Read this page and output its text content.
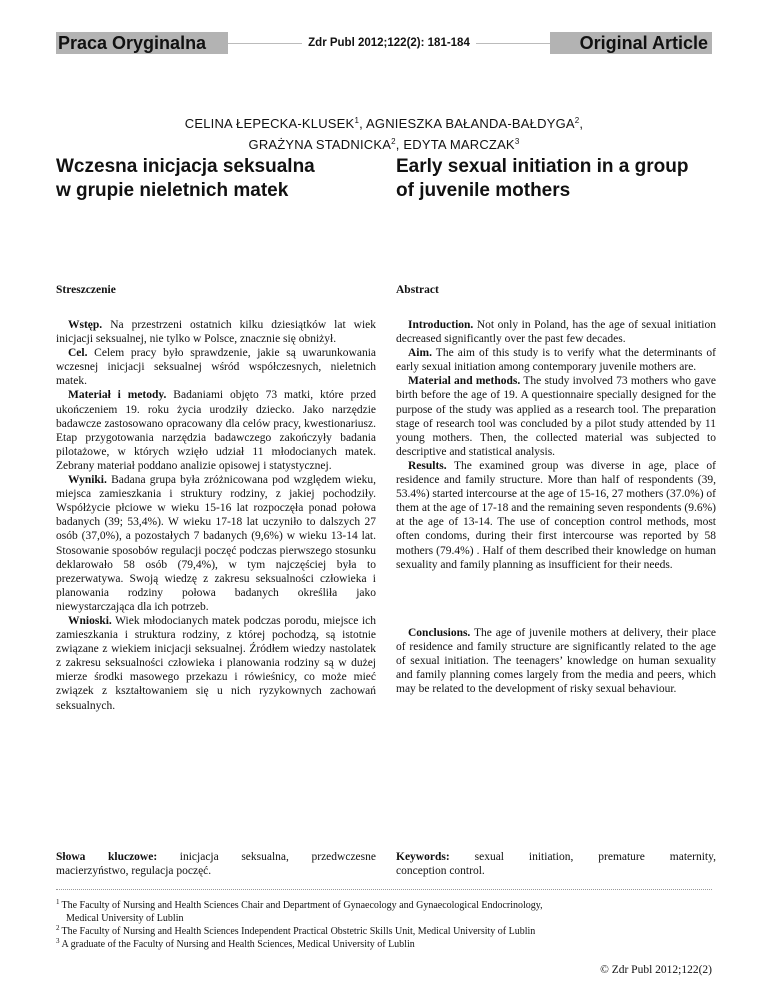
Praca Oryginalna	Zdr Publ 2012;122(2): 181-184	Original Article
CELINA ŁEPECKA-KLUSEK$^1$, AGNIESZKA BAŁANDA-BAŁDYGA$^2$,
GRAŻYNA STADNICKA$^2$, EDYTA MARCZAK$^3$
Wczesna inicjacja seksualna
w grupie nieletnich matek
Early sexual initiation in a group
of juvenile mothers
Streszczenie	Abstract

Wstęp. Na przestrzeni ostatnich kilku dziesiątków lat wiek inicjacji seksualnej, nie tylko w Polsce, znacznie się obniżył.

Cel. Celem pracy było sprawdzenie, jakie są uwarunkowania wczesnej inicjacji seksualnej wśród współczesnych, nieletnich matek.

Materiał i metody. Badaniami objęto 73 matki, które przed ukończeniem 19. roku życia urodziły dziecko. Jako narzędzie badawcze zastosowano opracowany dla celów pracy, kwestionariusz. Etap przygotowania narzędzia badawczego zakończyły badania pilotażowe, w których wzięło udział 11 młodocianych matek. Zebrany materiał poddano analizie opisowej i statystycznej.

Wyniki. Badana grupa była zróżnicowana pod względem wieku, miejsca zamieszkania i struktury rodziny, z jakiej pochodziły. Współżycie płciowe w wieku 15-16 lat rozpoczęła ponad połowa badanych (39; 53,4%). W wieku 17-18 lat uczyniło to dalszych 27 osób (37,0%), a pozostałych 7 badanych (9,6%) w wieku 13-14 lat. Stosowanie sposobów regulacji poczęć podczas pierwszego stosunku deklarowało 58 osób (79,4%), w tym najczęściej była to prezerwatywa. Swoją wiedzę z zakresu seksualności człowieka i planowania rodziny połowa badanych określiła jako niewystarczająca dla ich potrzeb.

Wnioski. Wiek młodocianych matek podczas porodu, miejsce ich zamieszkania i struktura rodziny, z której pochodzą, są istotnie związane z wiekiem inicjacji seksualnej. Źródłem wiedzy nastolatek z zakresu seksualności człowieka i planowania rodziny są w dużej mierze środki masowego przekazu i rówieśnicy, co może mieć związek z kształtowaniem się u nich ryzykownych zachowań seksualnych.

Introduction. Not only in Poland, has the age of sexual initiation decreased significantly over the past few decades.

Aim. The aim of this study is to verify what the determinants of early sexual initiation among contemporary juvenile mothers are.

Material and methods. The study involved 73 mothers who gave birth before the age of 19. A questionnaire specially designed for the purpose of the study was applied as a research tool. The preparation stage of research tool was concluded by a pilot study attended by 11 young mothers. Then, the collected material was subjected to descriptive and statistical analysis.

Results. The examined group was diverse in age, place of residence and family structure. More than half of respondents (39, 53.4%) started intercourse at the age of 15-16, 27 mothers (37.0%) of them at the age of 17-18 and the remaining seven respondents (9.6%) at the age of 13-14. The use of conception control methods, most often condoms, during their first intercourse was reported by 58 mothers (79.4%) . Half of them described their knowledge on human sexuality and family planning as insufficient for their needs.

Conclusions. The age of juvenile mothers at delivery, their place of residence and family structure are significantly related to the age of sexual initiation. The teenagers’ knowledge on human sexuality and family planning comes largely from the media and peers, which may be related to the development of risky sexual behaviour.

Słowa kluczowe: inicjacja seksualna, przedwczesne
macierzyństwo, regulacja poczęć.
Keywords: sexual initiation, premature maternity,
conception control.
$^1$ The Faculty of Nursing and Health Sciences Chair and Department of Gynaecology and Gynaecological Endocrinology,
Medical University of Lublin
$^2$ The Faculty of Nursing and Health Sciences Independent Practical Obstetric Skills Unit, Medical University of Lublin
$^3$ A graduate of the Faculty of Nursing and Health Sciences, Medical University of Lublin
© Zdr Publ 2012;122(2)
